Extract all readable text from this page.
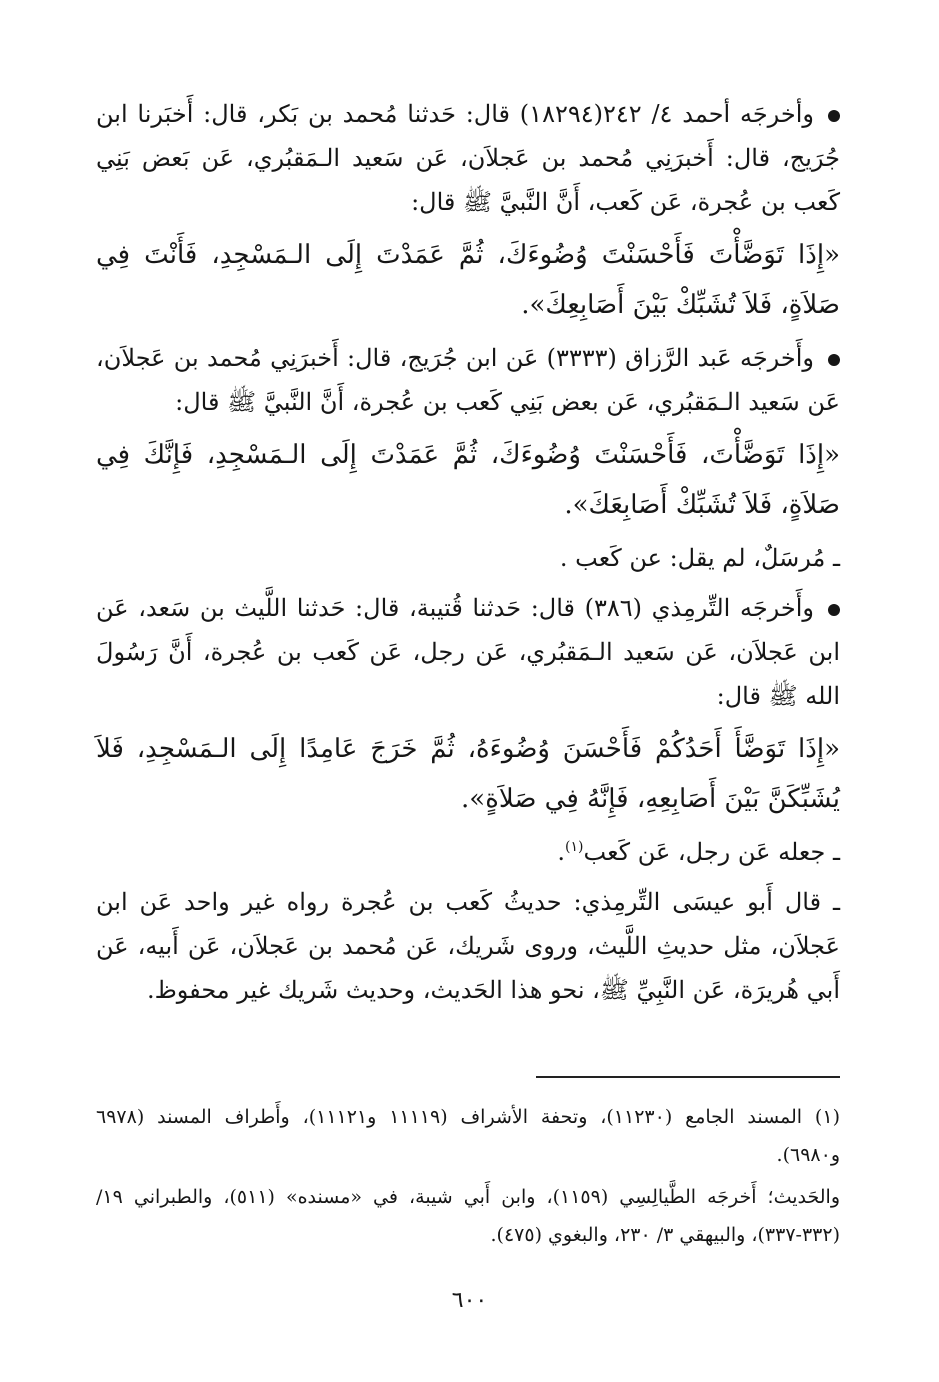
وأخرجَه أحمد ٤/ ٢٤٢(١٨٢٩٤) قال: حَدثنا مُحمد بن بَكر، قال: أَخبَرنا ابن جُرَيج، قال: أَخبرَنِي مُحمد بن عَجلاَن، عَن سَعيد الـمَقبُري، عَن بَعض بَنِي كَعب بن عُجرة، عَن كَعب، أَنَّ النَّبيَّ ﷺ قال:

«إِذَا تَوَضَّأْتَ فَأَحْسَنْتَ وُضُوءَكَ، ثُمَّ عَمَدْتَ إِلَى الـمَسْجِدِ، فَأَنْتَ فِي صَلاَةٍ، فَلاَ تُشَبِّكْ بَيْنَ أَصَابِعِكَ».

وأَخرجَه عَبد الرَّزاق (٣٣٣٣) عَن ابن جُرَيج، قال: أَخبرَنِي مُحمد بن عَجلاَن، عَن سَعيد الـمَقبُري، عَن بعض بَنِي كَعب بن عُجرة، أَنَّ النَّبيَّ ﷺ قال:

«إِذَا تَوَضَّأْتَ، فَأَحْسَنْتَ وُضُوءَكَ، ثُمَّ عَمَدْتَ إِلَى الـمَسْجِدِ، فَإِنَّكَ فِي صَلاَةٍ، فَلاَ تُشَبِّكْ أَصَابِعَكَ».

ـ مُرسَلٌ، لم يقل: عن كَعب .

وأَخرجَه التِّرمِذي (٣٨٦) قال: حَدثنا قُتيبة، قال: حَدثنا اللَّيث بن سَعد، عَن ابن عَجلاَن، عَن سَعيد الـمَقبُري، عَن رجل، عَن كَعب بن عُجرة، أَنَّ رَسُولَ الله ﷺ قال:

«إِذَا تَوَضَّأَ أَحَدُكُمْ فَأَحْسَنَ وُضُوءَهُ، ثُمَّ خَرَجَ عَامِدًا إِلَى الـمَسْجِدِ، فَلاَ يُشَبِّكَنَّ بَيْنَ أَصَابِعِهِ، فَإِنَّهُ فِي صَلاَةٍ».

ـ جعله عَن رجل، عَن كَعب$^{(١)}$.

ـ قال أَبو عيسَى التِّرمِذي: حديثُ كَعب بن عُجرة رواه غير واحد عَن ابن عَجلاَن، مثل حديثِ اللَّيث، وروى شَريك، عَن مُحمد بن عَجلاَن، عَن أَبيه، عَن أَبي هُريرَة، عَن النَّبِيِّ ﷺ، نحو هذا الحَديث، وحديث شَريك غير محفوظ.

(١) المسند الجامع (١١٢٣٠)، وتحفة الأشراف (١١١١٩ و١١١٢١)، وأَطراف المسند (٦٩٧٨ و٦٩٨٠).

والحَديث؛ أَخرجَه الطَّيالِسِي (١١٥٩)، وابن أَبي شيبة، في «مسنده» (٥١١)، والطبراني ١٩/ (٣٣٢-٣٣٧)، والبيهقي ٣/ ٢٣٠، والبغوي (٤٧٥).

٦٠٠
